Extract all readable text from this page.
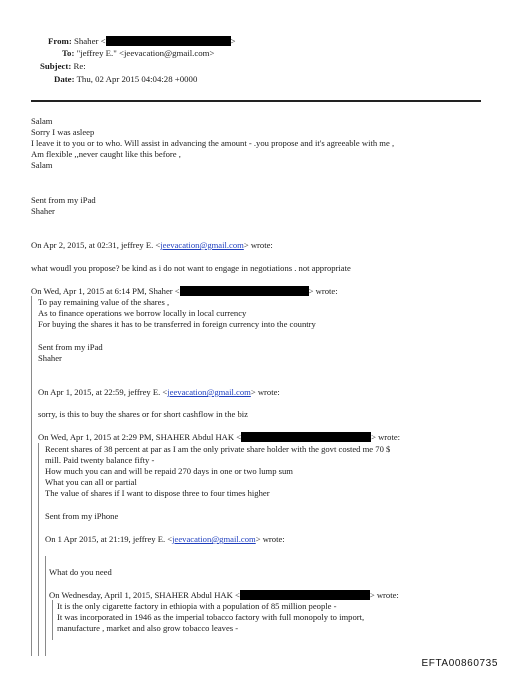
From: Shaher <	>
To: "jeffrey E." <jeevacation@gmail.com>
Subject: Re:
Date: Thu, 02 Apr 2015 04:04:28 +0000
Salam
Sorry I was asleep
I leave it to you or to who. Will assist in advancing the amount - .you propose and it's agreeable with me ,
Am flexible ,,never caught like this before ,
Salam
Sent from my iPad
Shaher
On Apr 2, 2015, at 02:31, jeffrey E. <jeevacation@gmail.com> wrote:
what woudl you propose? be kind as i do not want to engage in negotiations . not appropriate
On Wed, Apr 1, 2015 at 6:14 PM, Shaher <	> wrote:
To pay remaining value of the shares ,
As to finance operations we borrow locally in local currency
For buying the shares it has to be transferred in foreign currency into the country
Sent from my iPad
Shaher
On Apr 1, 2015, at 22:59, jeffrey E. <jeevacation@gmail.com> wrote:
sorry, is this to buy the shares or for short cashflow in the biz
On Wed, Apr 1, 2015 at 2:29 PM, SHAHER Abdul HAK <	> wrote:
Recent shares of 38 percent at par as I am the only private share holder with the govt costed me 70 $
mill. Paid twenty balance fifty -
How much you can and will be repaid 270 days in one or two lump sum
What you can all or partial
The value of shares if I want to dispose three to four times higher
Sent from my iPhone
On 1 Apr 2015, at 21:19, jeffrey E. <jeevacation@gmail.com> wrote:
What do you need
On Wednesday, April 1, 2015, SHAHER Abdul HAK <	> wrote:
It is the only cigarette factory in ethiopia with a population of 85 million people -
It was incorporated in 1946 as the imperial tobacco factory with full monopoly to import,
manufacture , market and also grow tobacco leaves -
EFTA00860735
